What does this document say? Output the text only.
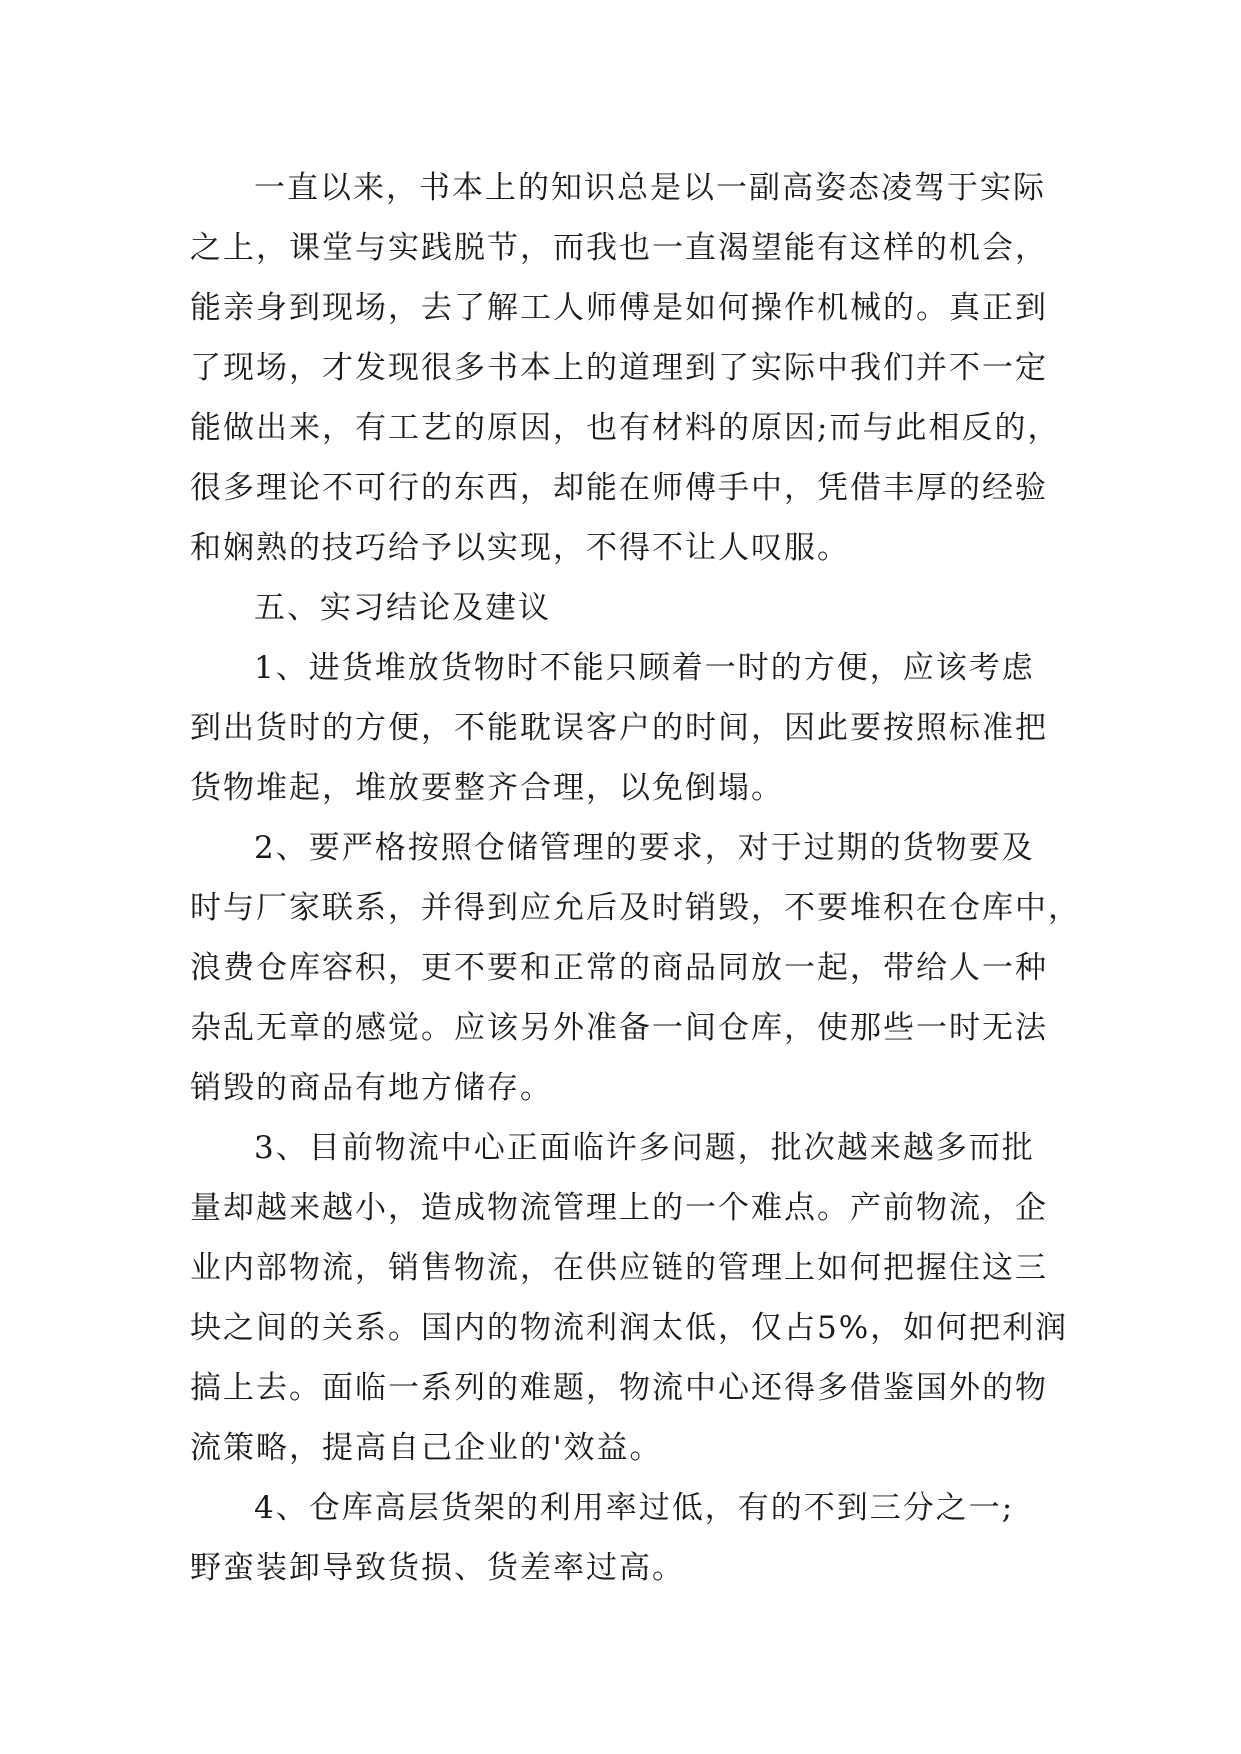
一直以来，书本上的知识总是以一副高姿态凌驾于实际
之上，课堂与实践脱节，而我也一直渴望能有这样的机会，
能亲身到现场，去了解工人师傅是如何操作机械的。真正到
了现场，才发现很多书本上的道理到了实际中我们并不一定
能做出来，有工艺的原因，也有材料的原因;而与此相反的，
很多理论不可行的东西，却能在师傅手中，凭借丰厚的经验
和娴熟的技巧给予以实现，不得不让人叹服。
五、实习结论及建议
1、进货堆放货物时不能只顾着一时的方便，应该考虑
到出货时的方便，不能耽误客户的时间，因此要按照标准把
货物堆起，堆放要整齐合理，以免倒塌。
2、要严格按照仓储管理的要求，对于过期的货物要及
时与厂家联系，并得到应允后及时销毁，不要堆积在仓库中，
浪费仓库容积，更不要和正常的商品同放一起，带给人一种
杂乱无章的感觉。应该另外准备一间仓库，使那些一时无法
销毁的商品有地方储存。
3、目前物流中心正面临许多问题，批次越来越多而批
量却越来越小，造成物流管理上的一个难点。产前物流，企
业内部物流，销售物流，在供应链的管理上如何把握住这三
块之间的关系。国内的物流利润太低，仅占5%，如何把利润
搞上去。面临一系列的难题，物流中心还得多借鉴国外的物
流策略，提高自己企业的'效益。
4、仓库高层货架的利用率过低，有的不到三分之一;
野蛮装卸导致货损、货差率过高。
